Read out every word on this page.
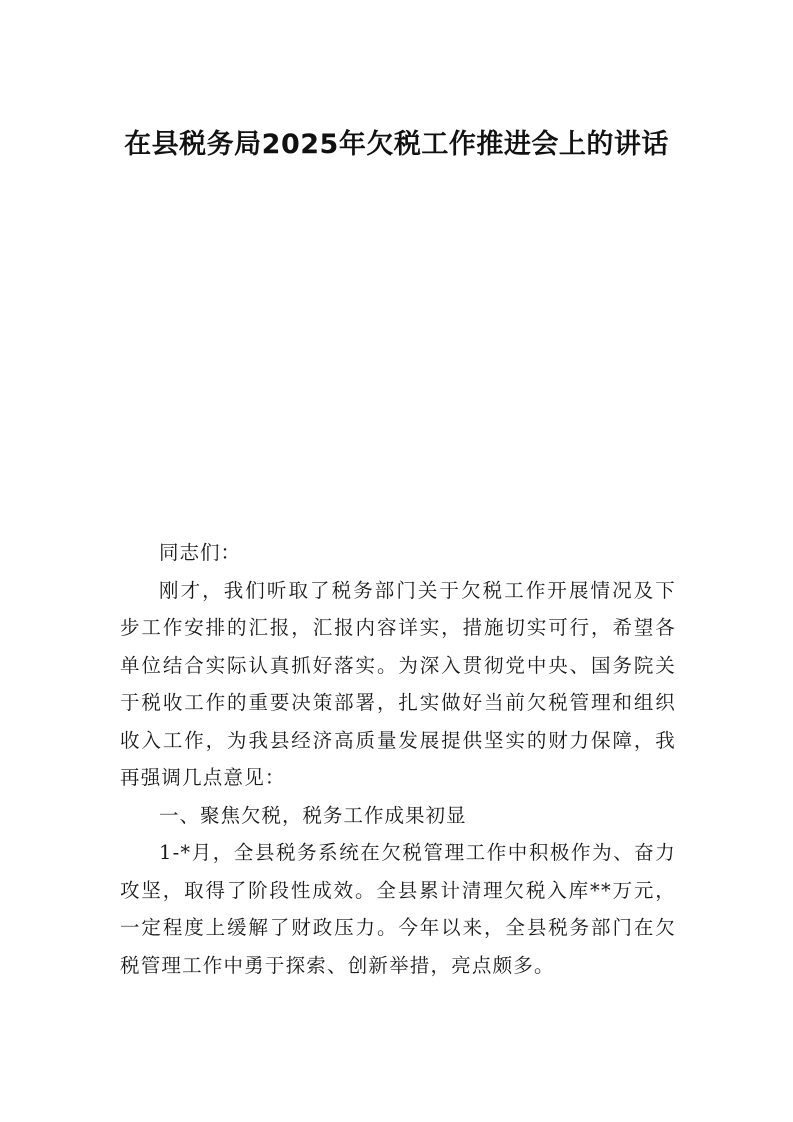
在县税务局2025年欠税工作推进会上的讲话

同志们：

刚才，我们听取了税务部门关于欠税工作开展情况及下步工作安排的汇报，汇报内容详实，措施切实可行，希望各单位结合实际认真抓好落实。为深入贯彻党中央、国务院关于税收工作的重要决策部署，扎实做好当前欠税管理和组织收入工作，为我县经济高质量发展提供坚实的财力保障，我再强调几点意见：

一、聚焦欠税，税务工作成果初显

1-*月，全县税务系统在欠税管理工作中积极作为、奋力攻坚，取得了阶段性成效。全县累计清理欠税入库**万元，一定程度上缓解了财政压力。今年以来，全县税务部门在欠税管理工作中勇于探索、创新举措，亮点颇多。
